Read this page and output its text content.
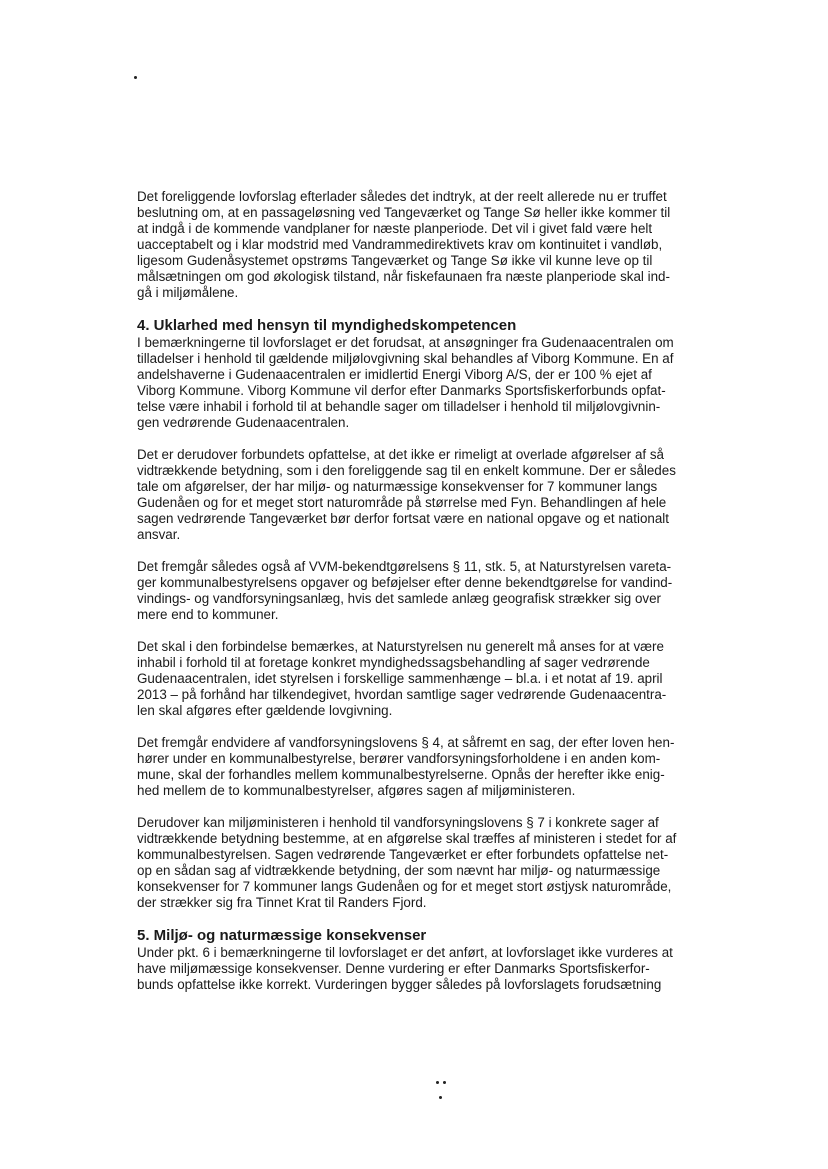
Det foreliggende lovforslag efterlader således det indtryk, at der reelt allerede nu er truffet
beslutning om, at en passageløsning ved Tangeværket og Tange Sø heller ikke kommer til
at indgå i de kommende vandplaner for næste planperiode. Det vil i givet fald være helt
uacceptabelt og i klar modstrid med Vandrammedirektivets krav om kontinuitet i vandløb,
ligesom Gudenåsystemet opstrøms Tangeværket og Tange Sø ikke vil kunne leve op til
målsætningen om god økologisk tilstand, når fiskefaunaen fra næste planperiode skal ind-
gå i miljømålene.
4. Uklarhed med hensyn til myndighedskompetencen
I bemærkningerne til lovforslaget er det forudsat, at ansøgninger fra Gudenaacentralen om
tilladelser i henhold til gældende miljølovgivning skal behandles af Viborg Kommune. En af
andelshaverne i Gudenaacentralen er imidlertid Energi Viborg A/S, der er 100 % ejet af
Viborg Kommune. Viborg Kommune vil derfor efter Danmarks Sportsfiskerforbunds opfat-
telse være inhabil i forhold til at behandle sager om tilladelser i henhold til miljølovgivnin-
gen vedrørende Gudenaacentralen.
Det er derudover forbundets opfattelse, at det ikke er rimeligt at overlade afgørelser af så
vidtrækkende betydning, som i den foreliggende sag til en enkelt kommune. Der er således
tale om afgørelser, der har miljø- og naturmæssige konsekvenser for 7 kommuner langs
Gudenåen og for et meget stort naturområde på størrelse med Fyn. Behandlingen af hele
sagen vedrørende Tangeværket bør derfor fortsat være en national opgave og et nationalt
ansvar.
Det fremgår således også af VVM-bekendtgørelsens § 11, stk. 5, at Naturstyrelsen vareta-
ger kommunalbestyrelsens opgaver og beføjelser efter denne bekendtgørelse for vandind-
vindings- og vandforsyningsanlæg, hvis det samlede anlæg geografisk strækker sig over
mere end to kommuner.
Det skal i den forbindelse bemærkes, at Naturstyrelsen nu generelt må anses for at være
inhabil i forhold til at foretage konkret myndighedssagsbehandling af sager vedrørende
Gudenaacentralen, idet styrelsen i forskellige sammenhænge – bl.a. i et notat af 19. april
2013 – på forhånd har tilkendegivet, hvordan samtlige sager vedrørende Gudenaacentra-
len skal afgøres efter gældende lovgivning.
Det fremgår endvidere af vandforsyningslovens § 4, at såfremt en sag, der efter loven hen-
hører under en kommunalbestyrelse, berører vandforsyningsforholdene i en anden kom-
mune, skal der forhandles mellem kommunalbestyrelserne. Opnås der herefter ikke enig-
hed mellem de to kommunalbestyrelser, afgøres sagen af miljøministeren.
Derudover kan miljøministeren i henhold til vandforsyningslovens § 7 i konkrete sager af
vidtrækkende betydning bestemme, at en afgørelse skal træffes af ministeren i stedet for af
kommunalbestyrelsen. Sagen vedrørende Tangeværket er efter forbundets opfattelse net-
op en sådan sag af vidtrækkende betydning, der som nævnt har miljø- og naturmæssige
konsekvenser for 7 kommuner langs Gudenåen og for et meget stort østjysk naturområde,
der strækker sig fra Tinnet Krat til Randers Fjord.
5. Miljø- og naturmæssige konsekvenser
Under pkt. 6 i bemærkningerne til lovforslaget er det anført, at lovforslaget ikke vurderes at
have miljømæssige konsekvenser. Denne vurdering er efter Danmarks Sportsfiskerfor-
bunds opfattelse ikke korrekt. Vurderingen bygger således på lovforslagets forudsætning
